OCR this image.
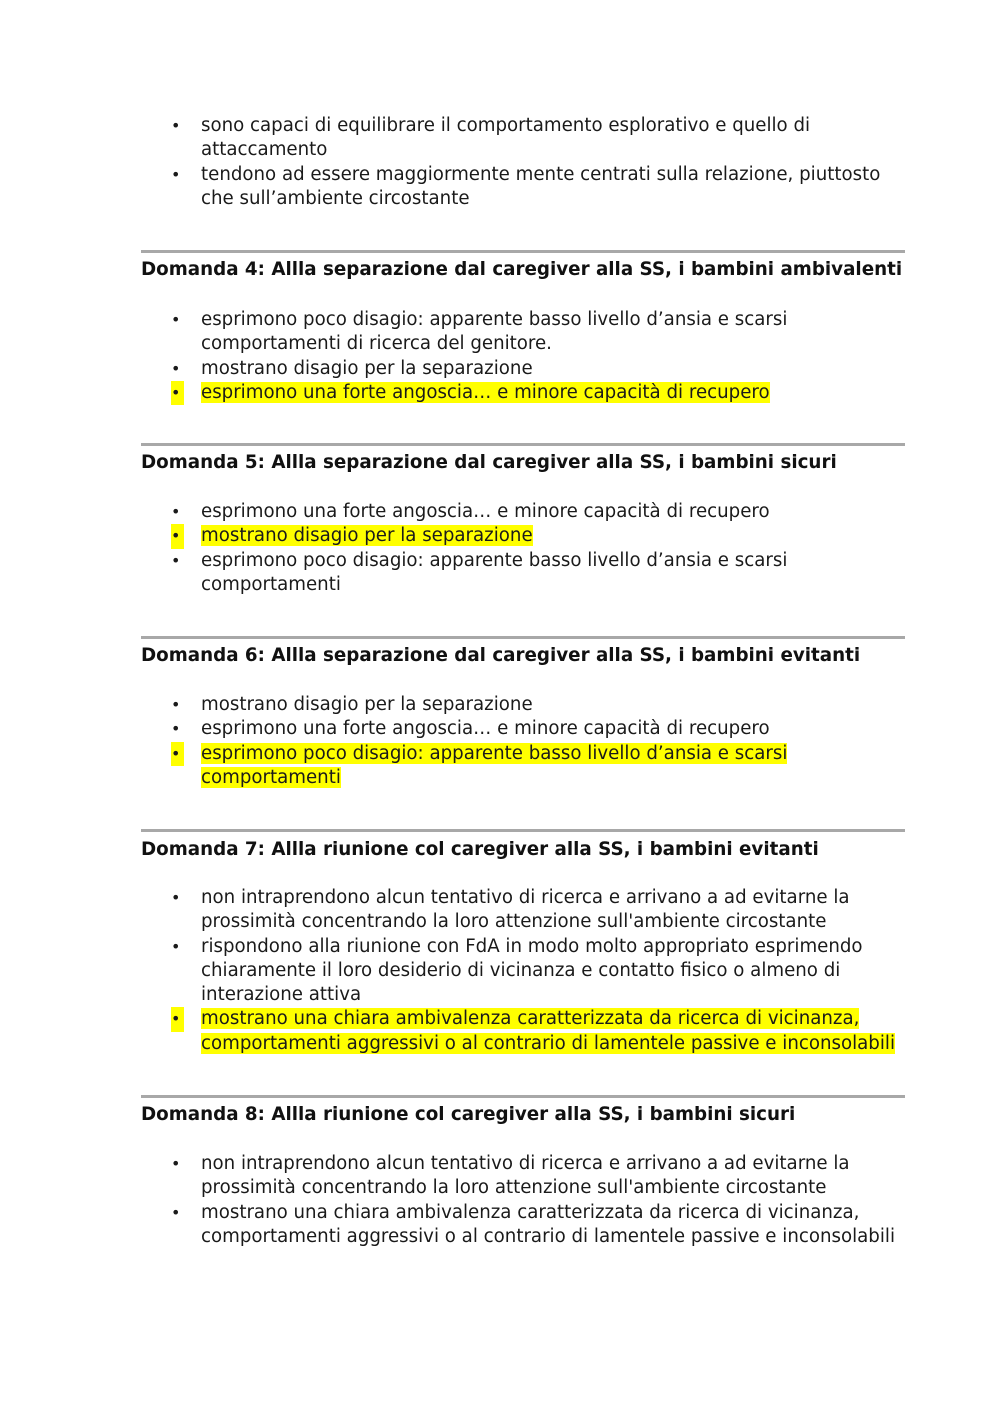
• sono capaci di equilibrare il comportamento esplorativo e quello di attaccamento
• tendono ad essere maggiormente mente centrati sulla relazione, piuttosto che sull’ambiente circostante
Domanda 4: Allla separazione dal caregiver alla SS, i bambini ambivalenti
• esprimono poco disagio: apparente basso livello d’ansia e scarsi comportamenti di ricerca del genitore.
• mostrano disagio per la separazione
• esprimono una forte angoscia… e minore capacità di recupero
Domanda 5: Allla separazione dal caregiver alla SS, i bambini sicuri
• esprimono una forte angoscia… e minore capacità di recupero
• mostrano disagio per la separazione
• esprimono poco disagio: apparente basso livello d’ansia e scarsi comportamenti
Domanda 6: Allla separazione dal caregiver alla SS, i bambini evitanti
• mostrano disagio per la separazione
• esprimono una forte angoscia… e minore capacità di recupero
• esprimono poco disagio: apparente basso livello d’ansia e scarsi comportamenti
Domanda 7: Allla riunione col caregiver alla SS, i bambini evitanti
• non intraprendono alcun tentativo di ricerca e arrivano a ad evitarne la prossimità concentrando la loro attenzione sull'ambiente circostante
• rispondono alla riunione con FdA in modo molto appropriato esprimendo chiaramente il loro desiderio di vicinanza e contatto fisico o almeno di interazione attiva
• mostrano una chiara ambivalenza caratterizzata da ricerca di vicinanza, comportamenti aggressivi o al contrario di lamentele passive e inconsolabili
Domanda 8: Allla riunione col caregiver alla SS, i bambini sicuri
• non intraprendono alcun tentativo di ricerca e arrivano a ad evitarne la prossimità concentrando la loro attenzione sull'ambiente circostante
• mostrano una chiara ambivalenza caratterizzata da ricerca di vicinanza, comportamenti aggressivi o al contrario di lamentele passive e inconsolabili
